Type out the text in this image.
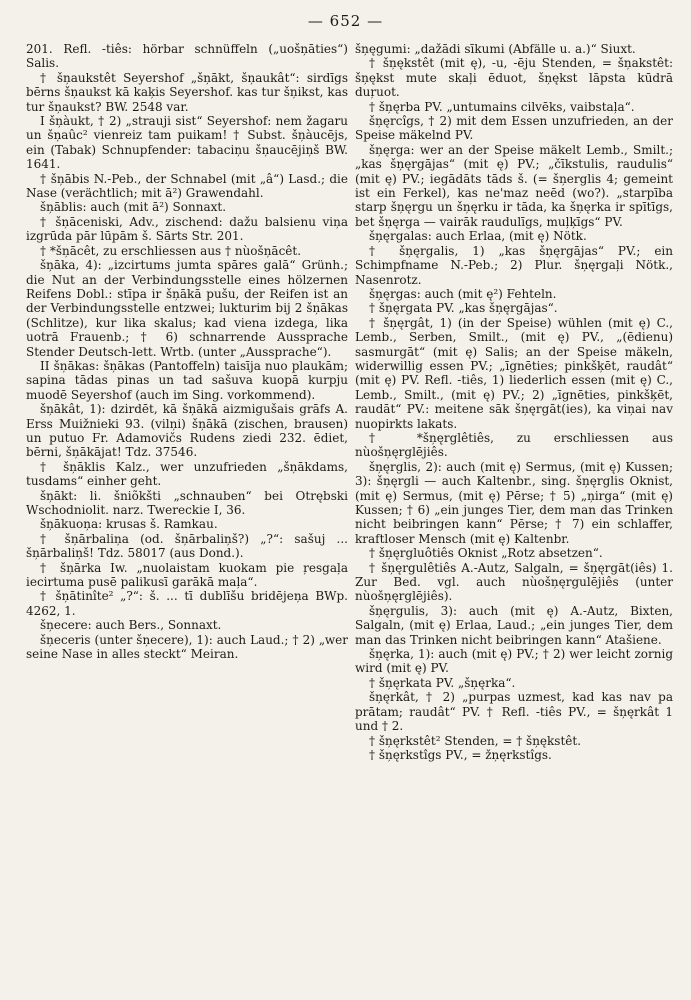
— 652 —

201. Refl. -tiês: hörbar schnüffeln („uošņāties“) Salis.

† šņaukstêt Seyershof „šņākt, šņaukât“: sirdīgs bērns šņaukst kā kaķis Seyershof. kas tur šņikst, kas tur šņaukst? BW. 2548 var.

I šņàukt, † 2) „strauji sist“ Seyershof: nem žagaru un šņaûc² vienreiz tam puikam! † Subst. šņàucējs, ein (Tabak) Schnupfender: tabaciņu šņaucējiņš BW. 1641.

† šņābis N.-Peb., der Schnabel (mit „â“) Lasd.; die Nase (verächtlich; mit ā²) Grawendahl.

šņāblis: auch (mit ā²) Sonnaxt.

† šņāceniski, Adv., zischend: dažu balsienu viņa izgrūda pār lūpām š. Sārts Str. 201.

† *šņācêt, zu erschliessen aus † nùošņācêt.

šņāka, 4): „izcirtums jumta spāres galā“ Grünh.; die Nut an der Verbindungsstelle eines hölzernen Reifens Dobl.: stīpa ir šņākā pušu, der Reifen ist an der Verbindungsstelle entzwei; lukturim bij 2 šņākas (Schlitze), kur lika skalus; kad viena izdega, lika uotrā Frauenb.; † 6) schnarrende Aussprache Stender Deutsch-lett. Wrtb. (unter „Aussprache“).

II šņākas: šņākas (Pantoffeln) taisīja nuo plaukām; sapina tādas pinas un tad sašuva kuopā kurpju muodē Seyershof (auch im Sing. vorkommend).

šņākât, 1): dzirdēt, kā šņākā aizmigušais grāfs A. Erss Muižnieki 93. (vilņi) šņākā (zischen, brausen) un putuo Fr. Adamovičs Rudens ziedi 232. ēdiet, bērni, šņākājat! Tdz. 37546.

† šņāklis Kalz., wer unzufrieden „šņākdams, tusdams“ einher geht.

šņākt: li. šniõkšti „schnauben“ bei Otrębski Wschodniolit. narz. Twereckie I, 36.

šņākuoņa: krusas š. Ramkau.

† šņārbaliņa (od. šņārbaliņš?) „?“: sašuj ... šņārbaliņš! Tdz. 58017 (aus Dond.).

† šņārka Iw. „nuolaistam kuokam pie ŗesgaļa iecirtuma pusē palikusī garākā maļa“.

† šņātinîte² „?“: š. ... tī dublīšu bridējeņa BWp. 4262, 1.

šņecere: auch Bers., Sonnaxt.

šņeceris (unter šņecere), 1): auch Laud.; † 2) „wer seine Nase in alles steckt“ Meiran.

šņęgumi: „dažādi sīkumi (Abfälle u. a.)“ Siuxt.

† šņękstêt (mit ę), -u, -ēju Stenden, = šņakstêt: šņękst mute skaļi ēduot, šņękst lāpsta kūdrā duŗuot.

† šņęrba PV. „untumains cilvēks, vaibstaļa“.

šņęrcîgs, † 2) mit dem Essen unzufrieden, an der Speise mäkelnd PV.

šņęrga: wer an der Speise mäkelt Lemb., Smilt.; „kas šņęrgājas“ (mit ę) PV.; „čīkstulis, raudulis“ (mit ę) PV.; iegādāts tāds š. (= šņerglis 4; gemeint ist ein Ferkel), kas ne'maz neēd (wo?). „starpība starp šņęrgu un šņęrku ir tāda, ka šņęrka ir spītīgs, bet šņęrga — vairāk raudulīgs, muļķīgs“ PV.

šņęrgalas: auch Erlaa, (mit ę) Nötk.

† šņęrgalis, 1) „kas šņęrgājas“ PV.; ein Schimpfname N.-Peb.; 2) Plur. šņęrgaļi Nötk., Nasenrotz.

šņęrgas: auch (mit ę²) Fehteln.

† šņęrgata PV. „kas šņęrgājas“.

† šņęrgât, 1) (in der Speise) wühlen (mit ę) C., Lemb., Serben, Smilt., (mit ę) PV., „(ēdienu) sasmurgāt“ (mit ę) Salis; an der Speise mäkeln, widerwillig essen PV.; „īgnēties; pinkšķēt, raudât“ (mit ę) PV. Refl. -tiês, 1) liederlich essen (mit ę) C., Lemb., Smilt., (mit ę) PV.; 2) „īgnēties, pinkšķēt, raudāt“ PV.: meitene sāk šņęrgāt(ies), ka viņai nav nuopirkts lakats.

† *šņęrglêtiês, zu erschliessen aus nùošņęrglējiês.

šņęrglis, 2): auch (mit ę) Sermus, (mit ę) Kussen; 3): šņęrgli — auch Kaltenbr., sing. šņęrglis Oknist, (mit ę) Sermus, (mit ę) Pērse; † 5) „ņirga“ (mit ę) Kussen; † 6) „ein junges Tier, dem man das Trinken nicht beibringen kann“ Pērse; † 7) ein schlaffer, kraftloser Mensch (mit ę) Kaltenbr.

† šņęrgluôtiês Oknist „Rotz absetzen“.

† šņęrgulêtiês A.-Autz, Salgaln, = šņęrgāt(iês) 1. Zur Bed. vgl. auch nùošņęrgulējiês (unter nùošņęrglējiês).

šņęrgulis, 3): auch (mit ę) A.-Autz, Bixten, Salgaln, (mit ę) Erlaa, Laud.; „ein junges Tier, dem man das Trinken nicht beibringen kann“ Atašiene.

šņęrka, 1): auch (mit ę) PV.; † 2) wer leicht zornig wird (mit ę) PV.

† šņęrkata PV. „šņęrka“.

šņęrkât, † 2) „purpas uzmest, kad kas nav pa prātam; raudât“ PV. † Refl. -tiês PV., = šņęrkât 1 und † 2.

† šņęrkstêt² Stenden, = † šņękstêt.

† šņęrkstîgs PV., = žņęrkstîgs.
